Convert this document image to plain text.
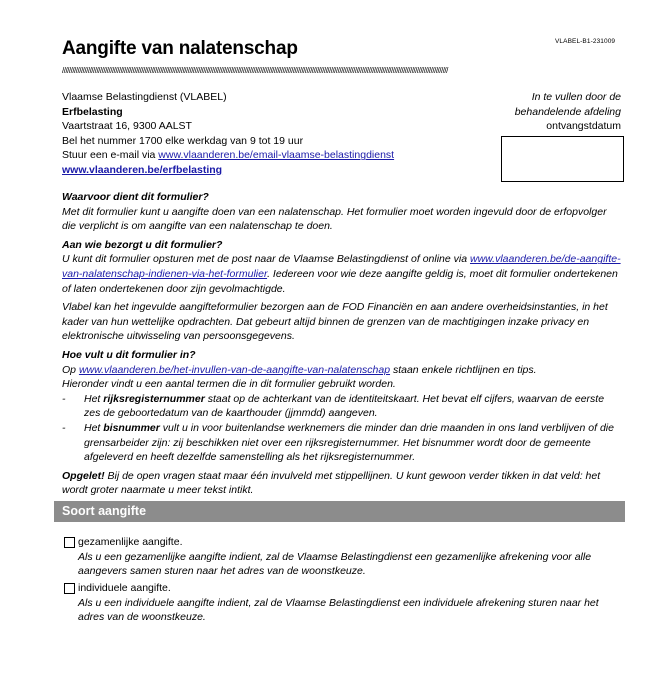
VLABEL-B1-231009
Aangifte van nalatenschap
////////////////////////////////////////////////////////////////////////////////////////////////////////////////////////////////////////////////////////////////////////////////////////////////////////////////////////////////
Vlaamse Belastingdienst (VLABEL)
Erfbelasting
Vaartstraat 16, 9300 AALST
Bel het nummer 1700 elke werkdag van 9 tot 19 uur
Stuur een e-mail via www.vlaanderen.be/email-vlaamse-belastingdienst
www.vlaanderen.be/erfbelasting
In te vullen door de
behandelende afdeling
ontvangstdatum

Waarvoor dient dit formulier?

Met dit formulier kunt u aangifte doen van een nalatenschap. Het formulier moet worden ingevuld door de erfopvolger die verplicht is om aangifte van een nalatenschap te doen.

Aan wie bezorgt u dit formulier?

U kunt dit formulier opsturen met de post naar de Vlaamse Belastingdienst of online via www.vlaanderen.be/de-aangifte-van-nalatenschap-indienen-via-het-formulier. Iedereen voor wie deze aangifte geldig is, moet dit formulier ondertekenen of laten ondertekenen door zijn gevolmachtigde.

Vlabel kan het ingevulde aangifteformulier bezorgen aan de FOD Financiën en aan andere overheidsinstanties, in het kader van hun wettelijke opdrachten. Dat gebeurt altijd binnen de grenzen van de machtigingen inzake privacy en elektronische uitwisseling van persoonsgegevens.

Hoe vult u dit formulier in?

Op www.vlaanderen.be/het-invullen-van-de-aangifte-van-nalatenschap staan enkele richtlijnen en tips.

Hieronder vindt u een aantal termen die in dit formulier gebruikt worden.

- Het rijksregisternummer staat op de achterkant van de identiteitskaart. Het bevat elf cijfers, waarvan de eerste zes de geboortedatum van de kaarthouder (jjmmdd) aangeven.

- Het bisnummer vult u in voor buitenlandse werknemers die minder dan drie maanden in ons land verblijven of die grensarbeider zijn: zij beschikken niet over een rijksregisternummer. Het bisnummer wordt door de gemeente afgeleverd en heeft dezelfde samenstelling als het rijksregisternummer.

Opgelet! Bij de open vragen staat maar één invulveld met stippellijnen. U kunt gewoon verder tikken in dat veld: het wordt groter naarmate u meer tekst intikt.

Soort aangifte
gezamenlijke aangifte.
Als u een gezamenlijke aangifte indient, zal de Vlaamse Belastingdienst een gezamenlijke afrekening voor alle aangevers samen sturen naar het adres van de woonstkeuze.
individuele aangifte.
Als u een individuele aangifte indient, zal de Vlaamse Belastingdienst een individuele afrekening sturen naar het adres van de woonstkeuze.
